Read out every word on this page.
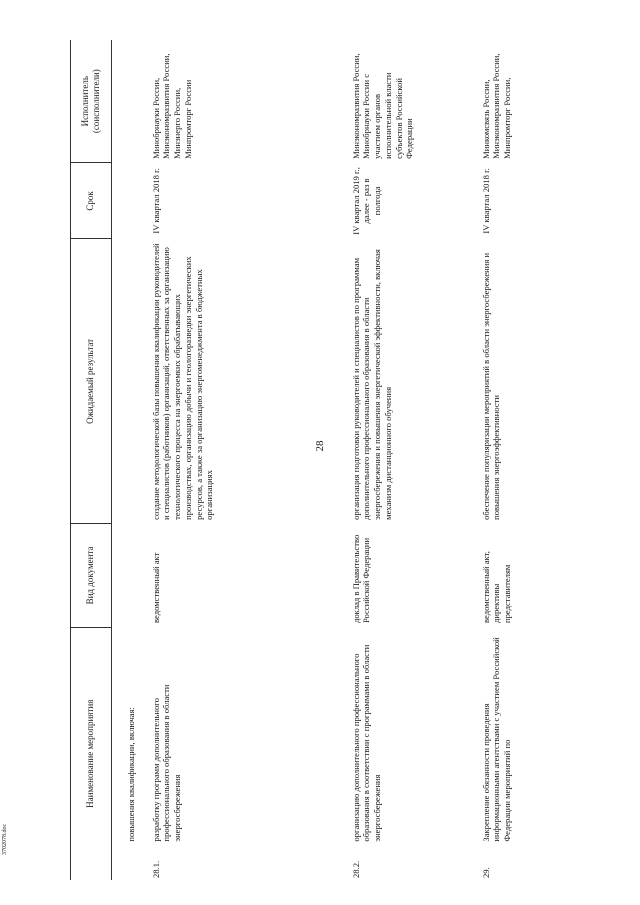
28
3702078.doc
Наименование мероприятия		Вид документа	Ожидаемый результат	Срок	Исполнитель (соисполнители)
	повышения квалификации, включая:				
28.1.	разработку программ дополнительного профессионального образования в области энергосбережения	ведомственный акт	создание методологической базы повышения квалификации руководителей и специалистов (работников) организаций, ответственных за организацию технологического процесса на энергоемких обрабатывающих производствах, организацию добычи и геологоразведки энергетических ресурсов, а также за организацию энергоменеджмента в бюджетных организациях	IV квартал 2018 г.	Минобрнауки России, Минэкономразвития России, Минэнерго России, Минпромторг России
28.2.	организацию дополнительного профессионального образования в соответствии с программами в области энергосбережения	доклад в Правительство Российской Федерации	организация подготовки руководителей и специалистов по программам дополнительного профессионального образования в области энергосбережения и повышения энергетической эффективности, включая механизм дистанционного обучения	IV квартал 2019 г., далее - раз в полгода	Минэкономразвития России, Минобрнауки России с участием органов исполнительной власти субъектов Российской Федерации
29.	Закрепление обязанности проведения информационными агентствами с участием Российской Федерации мероприятий по	ведомственный акт, директивы представителям	обеспечение популяризации мероприятий в области энергосбережения и повышения энергоэффективности	IV квартал 2018 г.	Минкомсвязь России, Минэкономразвития России, Минпромторг России,
